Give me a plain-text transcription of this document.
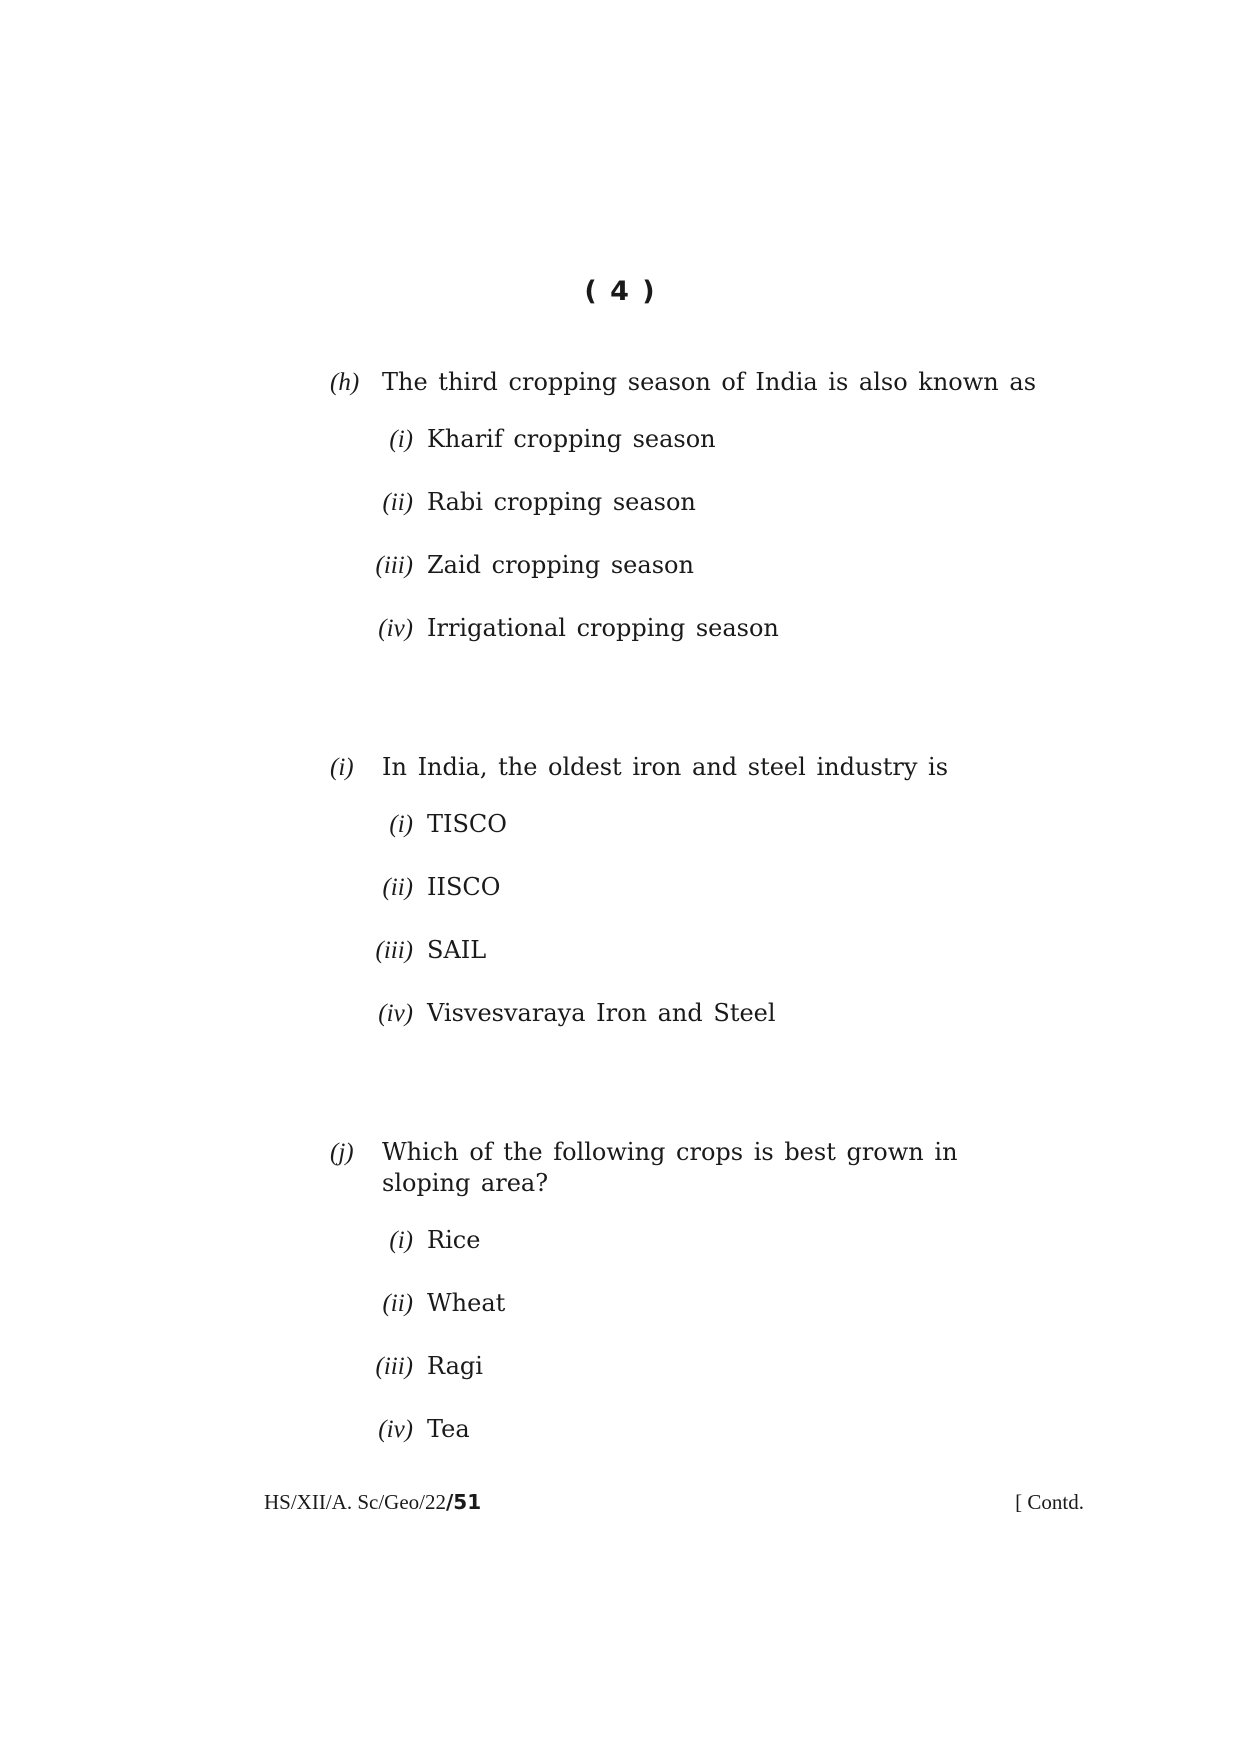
( 4 )
(h) The third cropping season of India is also known as
(i) Kharif cropping season
(ii) Rabi cropping season
(iii) Zaid cropping season
(iv) Irrigational cropping season
(i) In India, the oldest iron and steel industry is
(i) TISCO
(ii) IISCO
(iii) SAIL
(iv) Visvesvaraya Iron and Steel
(j) Which of the following crops is best grown in sloping area?
(i) Rice
(ii) Wheat
(iii) Ragi
(iv) Tea
HS/XII/A. Sc/Geo/22/51	[ Contd.
